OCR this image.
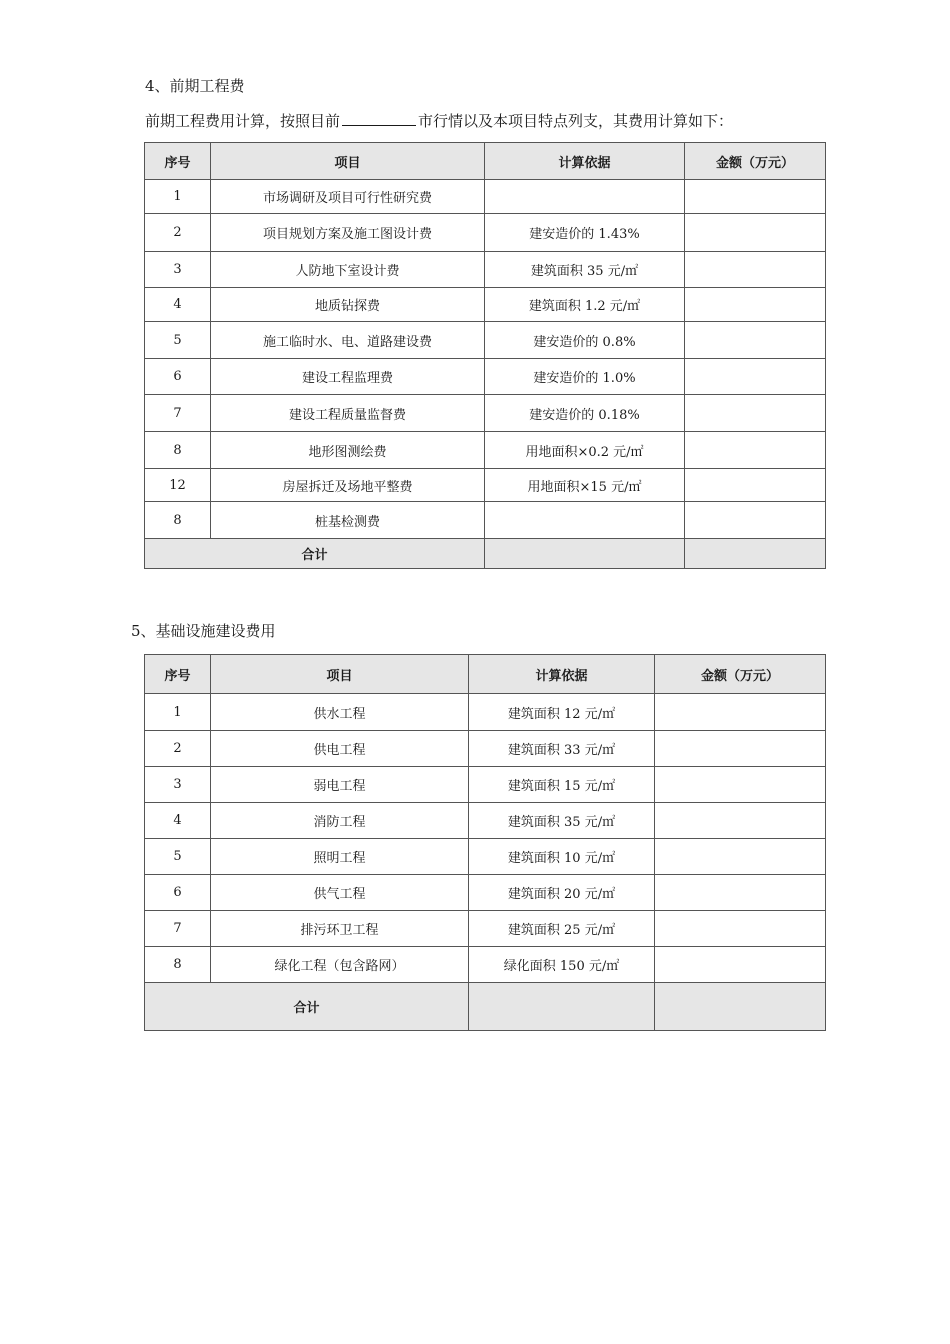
4、前期工程费
前期工程费用计算，按照目前	市行情以及本项目特点列支，其费用计算如下：
序号	项目	计算依据	金额（万元）
1	市场调研及项目可行性研究费		
2	项目规划方案及施工图设计费	建安造价的 1.43%	
3	人防地下室设计费	建筑面积 35 元/㎡	
4	地质钻探费	建筑面积 1.2 元/㎡	
5	施工临时水、电、道路建设费	建安造价的 0.8%	
6	建设工程监理费	建安造价的 1.0%	
7	建设工程质量监督费	建安造价的 0.18%	
8	地形图测绘费	用地面积×0.2 元/㎡	
12	房屋拆迁及场地平整费	用地面积×15 元/㎡	
8	桩基检测费		
合计			
5、基础设施建设费用
序号	项目	计算依据	金额（万元）
1	供水工程	建筑面积 12 元/㎡	
2	供电工程	建筑面积 33 元/㎡	
3	弱电工程	建筑面积 15 元/㎡	
4	消防工程	建筑面积 35 元/㎡	
5	照明工程	建筑面积 10 元/㎡	
6	供气工程	建筑面积 20 元/㎡	
7	排污环卫工程	建筑面积 25 元/㎡	
8	绿化工程（包含路网）	绿化面积 150 元/㎡	
合计			
